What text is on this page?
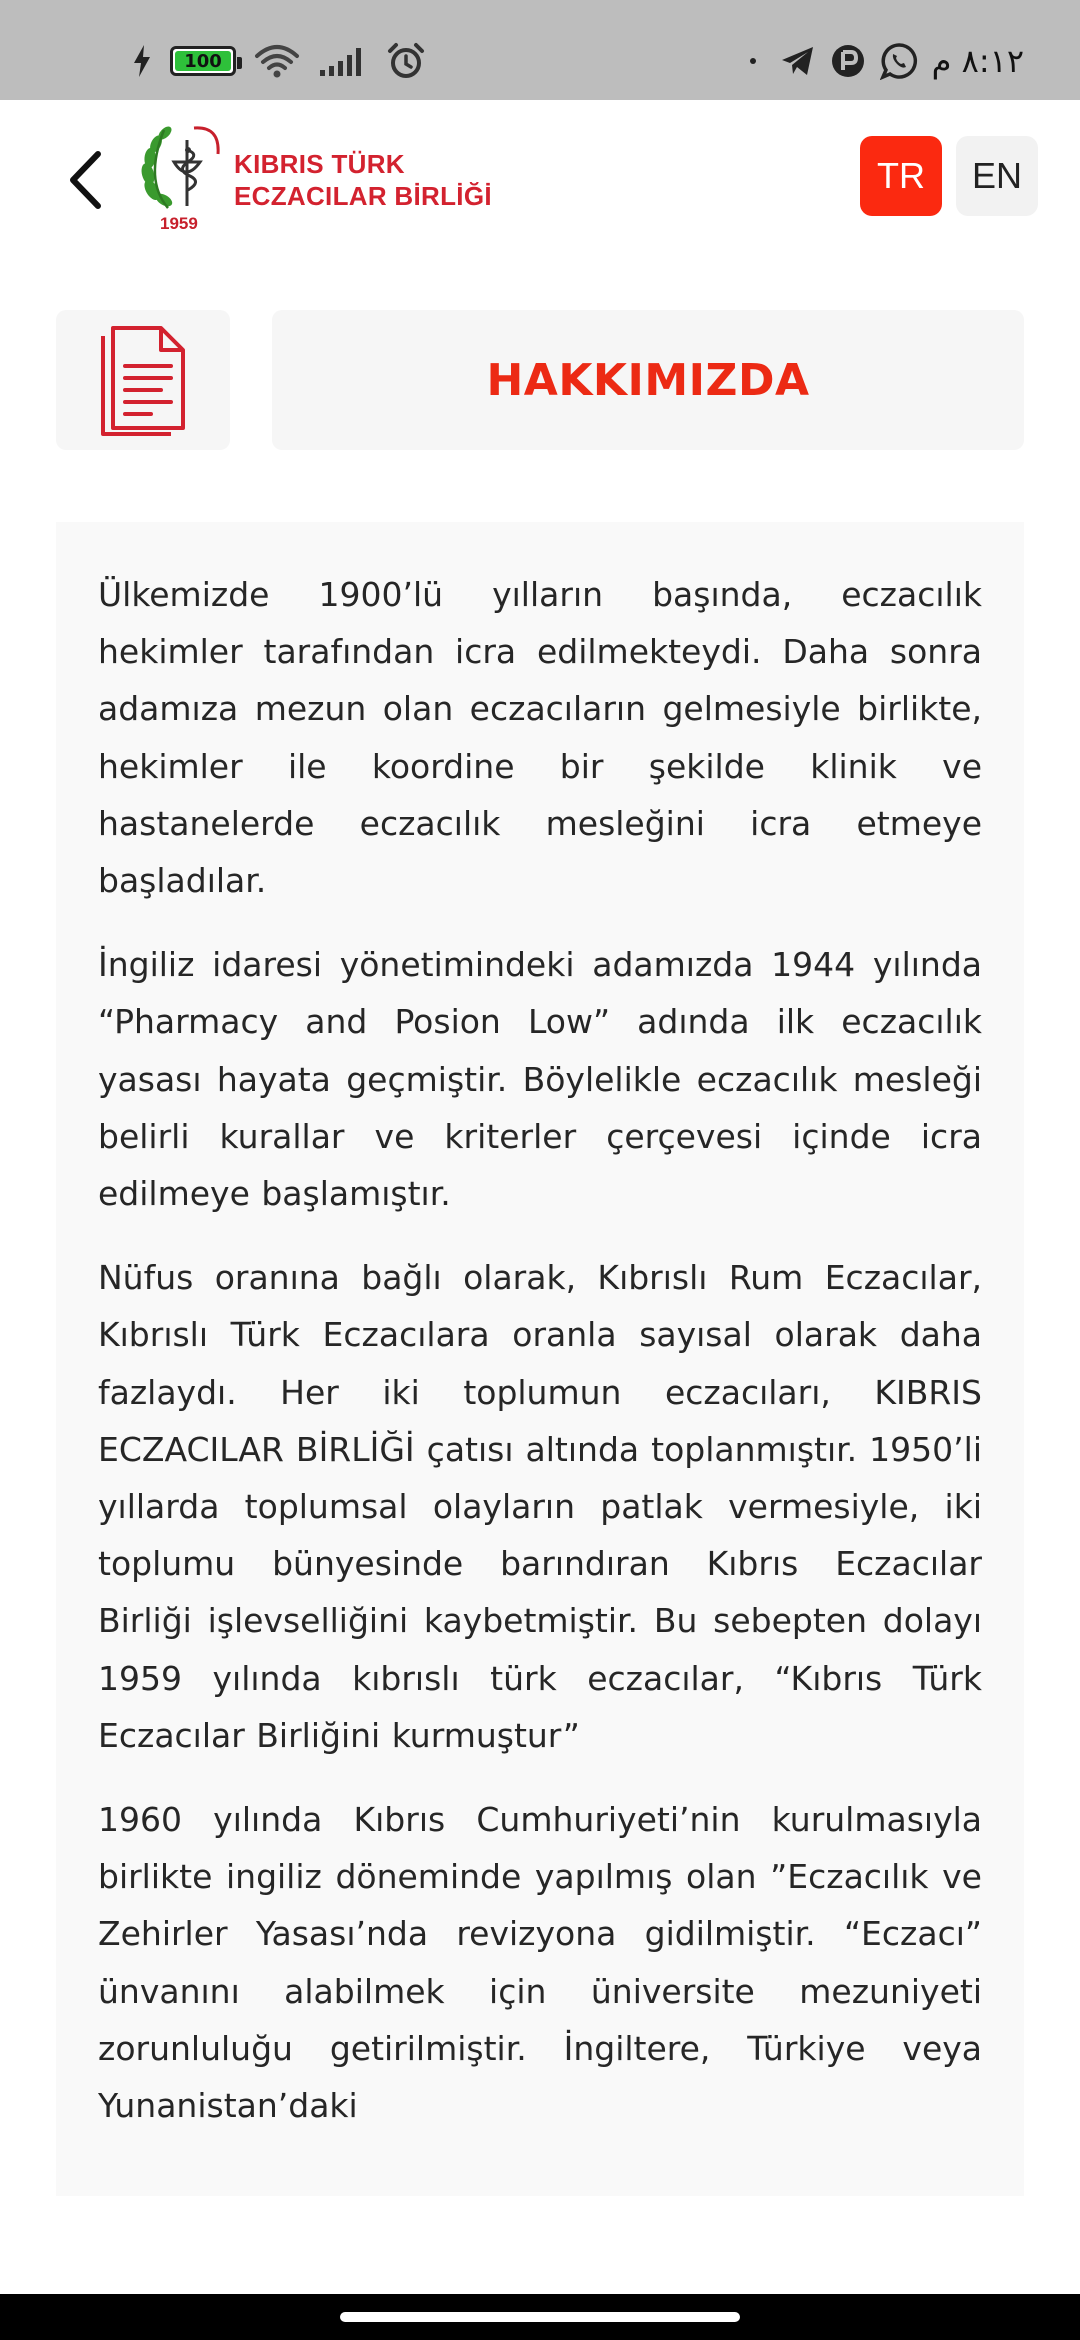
100	٨:١٢ م
1959
KIBRIS TÜRK
ECZACILAR BİRLİĞİ	TR	EN
HAKKIMIZDA

Ülkemizde 1900’lü yılların başında, eczacılık hekimler tarafından icra edilmekteydi. Daha sonra adamıza mezun olan eczacıların gelmesiyle birlikte, hekimler ile koordine bir şekilde klinik ve hastanelerde eczacılık mesleğini icra etmeye başladılar.

İngiliz idaresi yönetimindeki adamızda 1944 yılında “Pharmacy and Posion Low” adında ilk eczacılık yasası hayata geçmiştir. Böylelikle eczacılık mesleği belirli kurallar ve kriterler çerçevesi içinde icra edilmeye başlamıştır.

Nüfus oranına bağlı olarak, Kıbrıslı Rum Eczacılar, Kıbrıslı Türk Eczacılara oranla sayısal olarak daha fazlaydı. Her iki toplumun eczacıları, KIBRIS ECZACILAR BİRLİĞİ çatısı altında toplanmıştır. 1950’li yıllarda toplumsal olayların patlak vermesiyle, iki toplumu bünyesinde barındıran Kıbrıs Eczacılar Birliği işlevselliğini kaybetmiştir. Bu sebepten dolayı 1959 yılında kıbrıslı türk eczacılar, “Kıbrıs Türk Eczacılar Birliğini kurmuştur”

1960 yılında Kıbrıs Cumhuriyeti’nin kurulmasıyla birlikte ingiliz döneminde yapılmış olan ”Eczacılık ve Zehirler Yasası’nda revizyona gidilmiştir. “Eczacı” ünvanını alabilmek için üniversite mezuniyeti zorunluluğu getirilmiştir. İngiltere, Türkiye veya Yunanistan’daki
